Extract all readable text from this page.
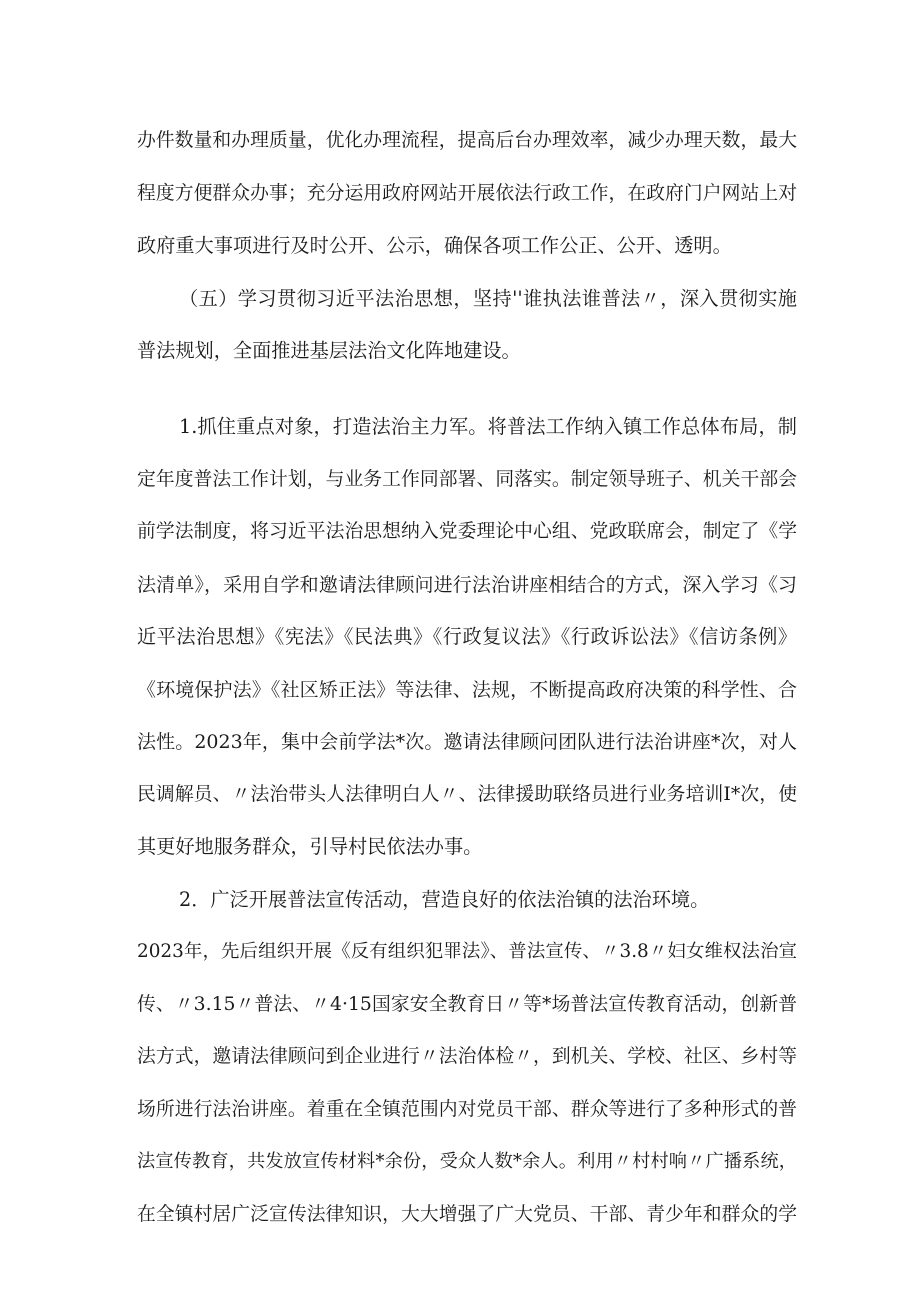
办件数量和办理质量，优化办理流程，提高后台办理效率，减少办理天数，最大
程度方便群众办事；充分运用政府网站开展依法行政工作，在政府门户网站上对
政府重大事项进行及时公开、公示，确保各项工作公正、公开、透明。
（五）学习贯彻习近平法治思想，坚持''谁执法谁普法〃，深入贯彻实施
普法规划，全面推进基层法治文化阵地建设。
1.抓住重点对象，打造法治主力军。将普法工作纳入镇工作总体布局，制
定年度普法工作计划，与业务工作同部署、同落实。制定领导班子、机关干部会
前学法制度，将习近平法治思想纳入党委理论中心组、党政联席会，制定了《学
法清单》，采用自学和邀请法律顾问进行法治讲座相结合的方式，深入学习《习
近平法治思想》《宪法》《民法典》《行政复议法》《行政诉讼法》《信访条例》
《环境保护法》《社区矫正法》等法律、法规，不断提高政府决策的科学性、合
法性。2023年，集中会前学法*次。邀请法律顾问团队进行法治讲座*次，对人
民调解员、〃法治带头人法律明白人〃、法律援助联络员进行业务培训I*次，使
其更好地服务群众，引导村民依法办事。
2．广泛开展普法宣传活动，营造良好的依法治镇的法治环境。
2023年，先后组织开展《反有组织犯罪法》、普法宣传、〃3.8〃妇女维权法治宣
传、〃3.15〃普法、〃4·15国家安全教育日〃等*场普法宣传教育活动，创新普
法方式，邀请法律顾问到企业进行〃法治体检〃，到机关、学校、社区、乡村等
场所进行法治讲座。着重在全镇范围内对党员干部、群众等进行了多种形式的普
法宣传教育，共发放宣传材料*余份，受众人数*余人。利用〃村村响〃广播系统，
在全镇村居广泛宣传法律知识，大大增强了广大党员、干部、青少年和群众的学
